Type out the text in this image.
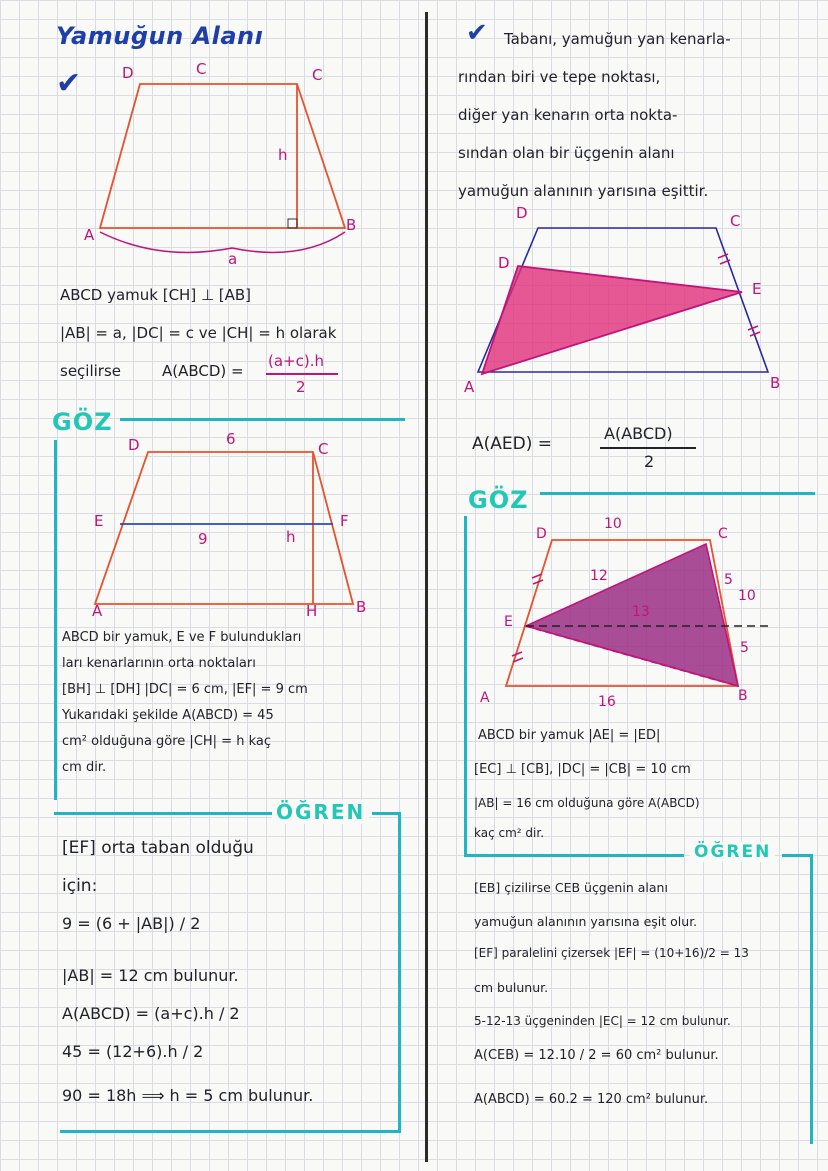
Yamuğun Alanı
✔	D	C	C
h
A
B
a
ABCD yamuk [CH] ⊥ [AB]
|AB| = a, |DC| = c ve |CH| = h olarak
seçilirse	A(ABCD) =
(a+c).h
2
GÖZ
D	6
C
E
9	h
F
A	H	B
ABCD bir yamuk, E ve F bulundukları
ları kenarlarının orta noktaları
[BH] ⊥ [DH] |DC| = 6 cm, |EF| = 9 cm
Yukarıdaki şekilde A(ABCD) = 45
cm² olduğuna göre |CH| = h kaç
cm dir.
ÖĞREN
[EF] orta taban olduğu
için:
9 = (6 + |AB|) / 2
|AB| = 12 cm bulunur.
A(ABCD) = (a+c).h / 2
45 = (12+6).h / 2
90 = 18h ⟹ h = 5 cm bulunur.
✔ Tabanı, yamuğun yan kenarla-
rından biri ve tepe noktası,
diğer yan kenarın orta nokta-
sından olan bir üçgenin alanı
yamuğun alanının yarısına eşittir.
D	C
D
E
A	B
A(AED) =
A(ABCD)
2
GÖZ
D
10
C
12	5
10
13
E
5
A	16	B
ABCD bir yamuk |AE| = |ED|
[EC] ⊥ [CB], |DC| = |CB| = 10 cm
|AB| = 16 cm olduğuna göre A(ABCD)
kaç cm² dir.
ÖĞREN
[EB] çizilirse CEB üçgenin alanı
yamuğun alanının yarısına eşit olur.
[EF] paralelini çizersek |EF| = (10+16)/2 = 13
cm bulunur.
5-12-13 üçgeninden |EC| = 12 cm bulunur.
A(CEB) = 12.10 / 2 = 60 cm² bulunur.
A(ABCD) = 60.2 = 120 cm² bulunur.
